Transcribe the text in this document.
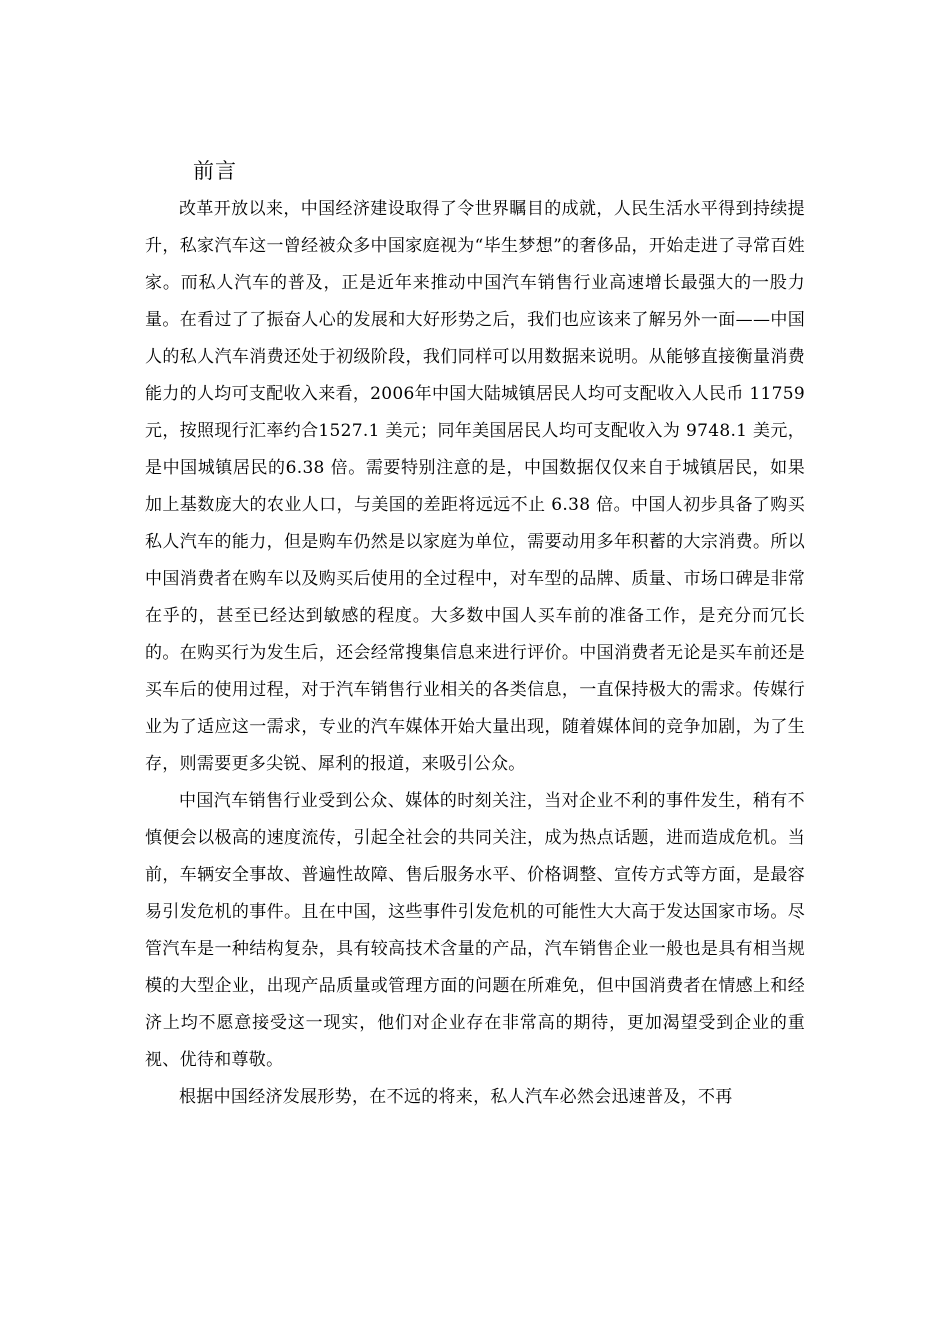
前言

改革开放以来，中国经济建设取得了令世界瞩目的成就，人民生活水平得到持续提升，私家汽车这一曾经被众多中国家庭视为“毕生梦想”的奢侈品，开始走进了寻常百姓家。而私人汽车的普及，正是近年来推动中国汽车销售行业高速增长最强大的一股力量。在看过了了振奋人心的发展和大好形势之后，我们也应该来了解另外一面——中国人的私人汽车消费还处于初级阶段，我们同样可以用数据来说明。从能够直接衡量消费能力的人均可支配收入来看，2006年中国大陆城镇居民人均可支配收入人民币 11759 元，按照现行汇率约合1527.1 美元；同年美国居民人均可支配收入为 9748.1 美元，是中国城镇居民的6.38 倍。需要特别注意的是，中国数据仅仅来自于城镇居民，如果加上基数庞大的农业人口，与美国的差距将远远不止 6.38 倍。中国人初步具备了购买私人汽车的能力，但是购车仍然是以家庭为单位，需要动用多年积蓄的大宗消费。所以中国消费者在购车以及购买后使用的全过程中，对车型的品牌、质量、市场口碑是非常在乎的，甚至已经达到敏感的程度。大多数中国人买车前的准备工作，是充分而冗长的。在购买行为发生后，还会经常搜集信息来进行评价。中国消费者无论是买车前还是买车后的使用过程，对于汽车销售行业相关的各类信息，一直保持极大的需求。传媒行业为了适应这一需求，专业的汽车媒体开始大量出现，随着媒体间的竞争加剧，为了生存，则需要更多尖锐、犀利的报道，来吸引公众。

中国汽车销售行业受到公众、媒体的时刻关注，当对企业不利的事件发生，稍有不慎便会以极高的速度流传，引起全社会的共同关注，成为热点话题，进而造成危机。当前，车辆安全事故、普遍性故障、售后服务水平、价格调整、宣传方式等方面，是最容易引发危机的事件。且在中国，这些事件引发危机的可能性大大高于发达国家市场。尽管汽车是一种结构复杂，具有较高技术含量的产品，汽车销售企业一般也是具有相当规模的大型企业，出现产品质量或管理方面的问题在所难免，但中国消费者在情感上和经济上均不愿意接受这一现实，他们对企业存在非常高的期待，更加渴望受到企业的重视、优待和尊敬。

根据中国经济发展形势，在不远的将来，私人汽车必然会迅速普及，不再
